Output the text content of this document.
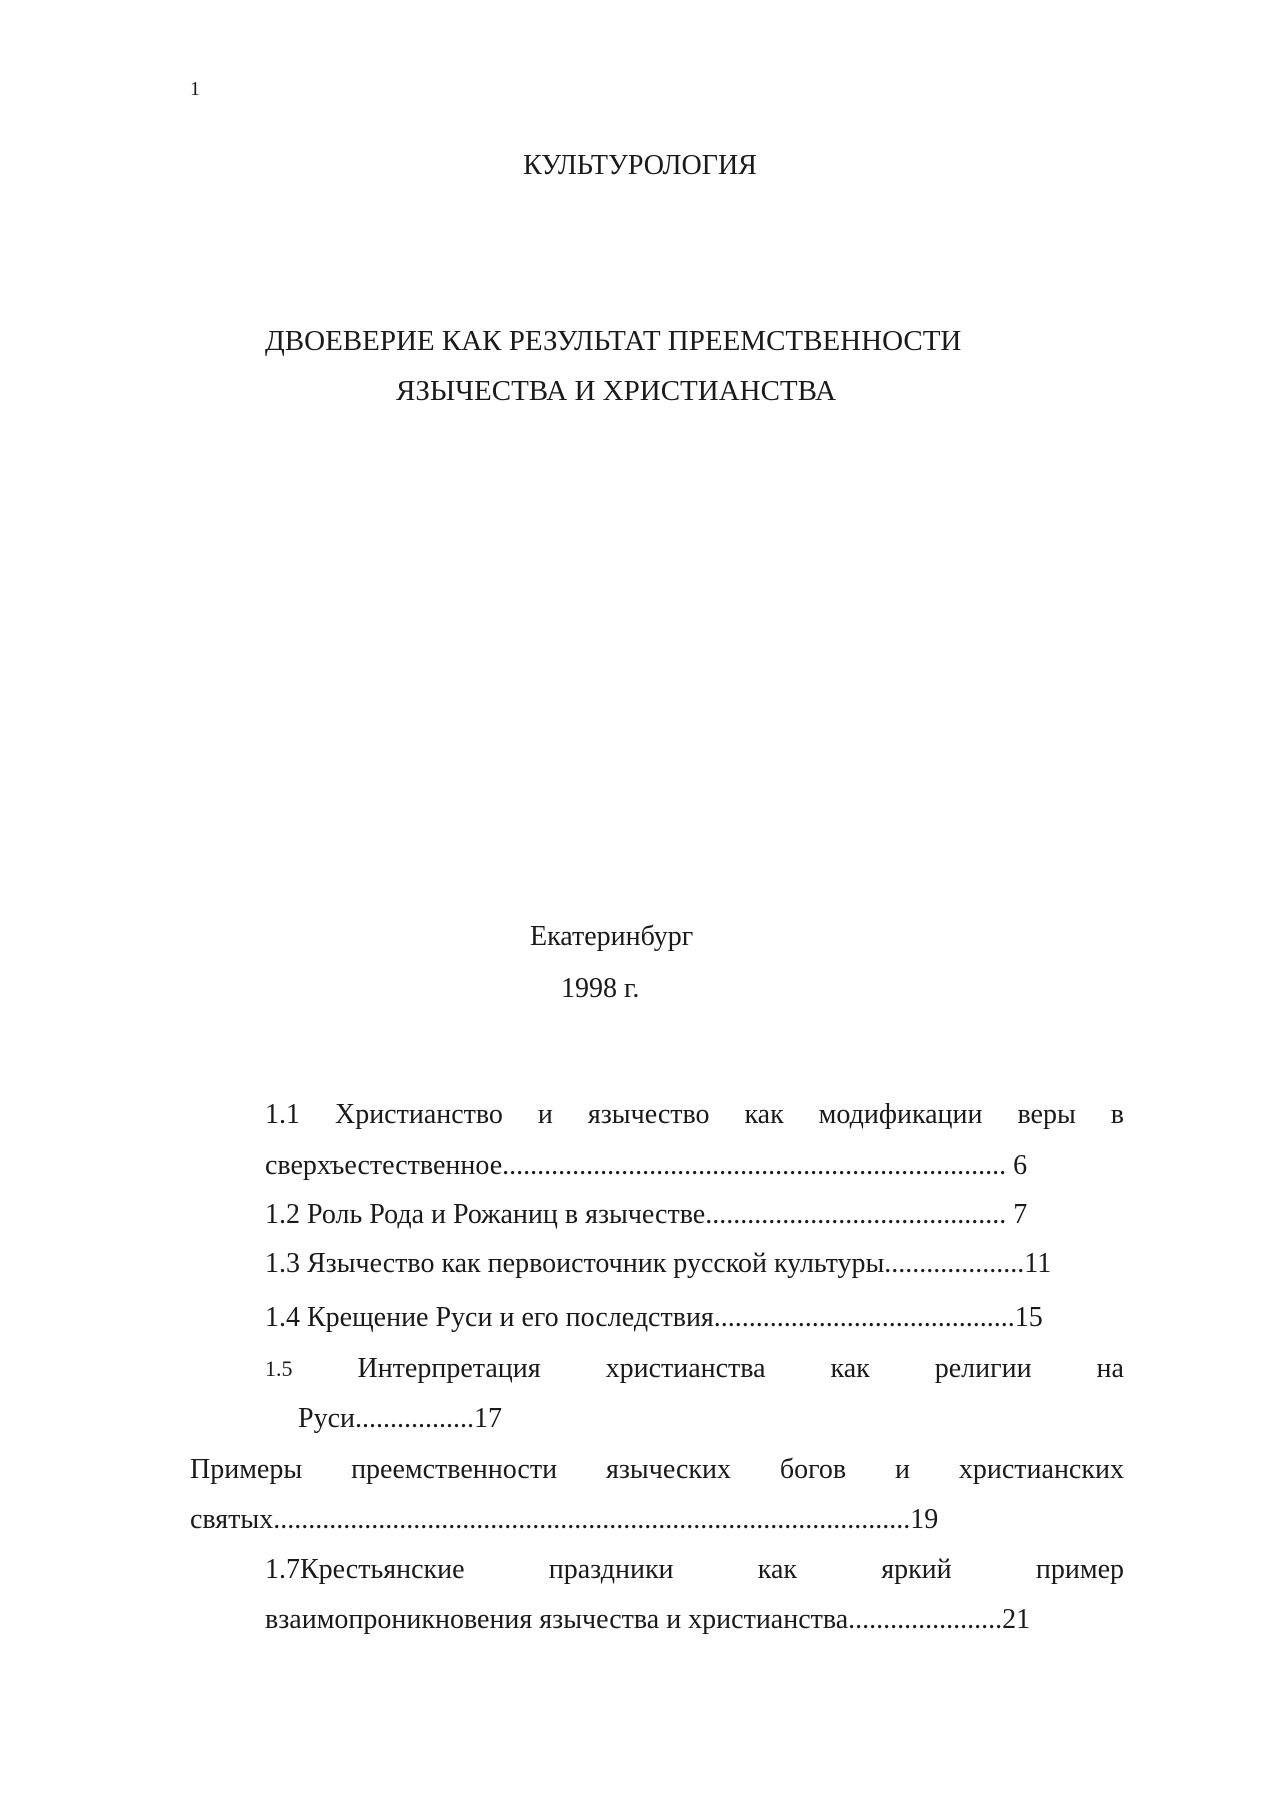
1
КУЛЬТУРОЛОГИЯ
ДВОЕВЕРИЕ КАК РЕЗУЛЬТАТ ПРЕЕМСТВЕННОСТИ
ЯЗЫЧЕСТВА И ХРИСТИАНСТВА
Екатеринбург
1998 г.
1.1 Христианство и язычество как модификации веры в
сверхъестественное........................................................................ 6
1.2 Роль Рода и Рожаниц в язычестве........................................... 7
1.3 Язычество как первоисточник русской культуры....................11
1.4 Крещение Руси и его последствия...........................................15
1.5 Интерпретация христианства как религии на
Руси.................17
Примеры преемственности языческих богов и христианских
святых...........................................................................................19
1.7Крестьянские	праздники	как	яркий	пример
взаимопроникновения язычества и христианства......................21
